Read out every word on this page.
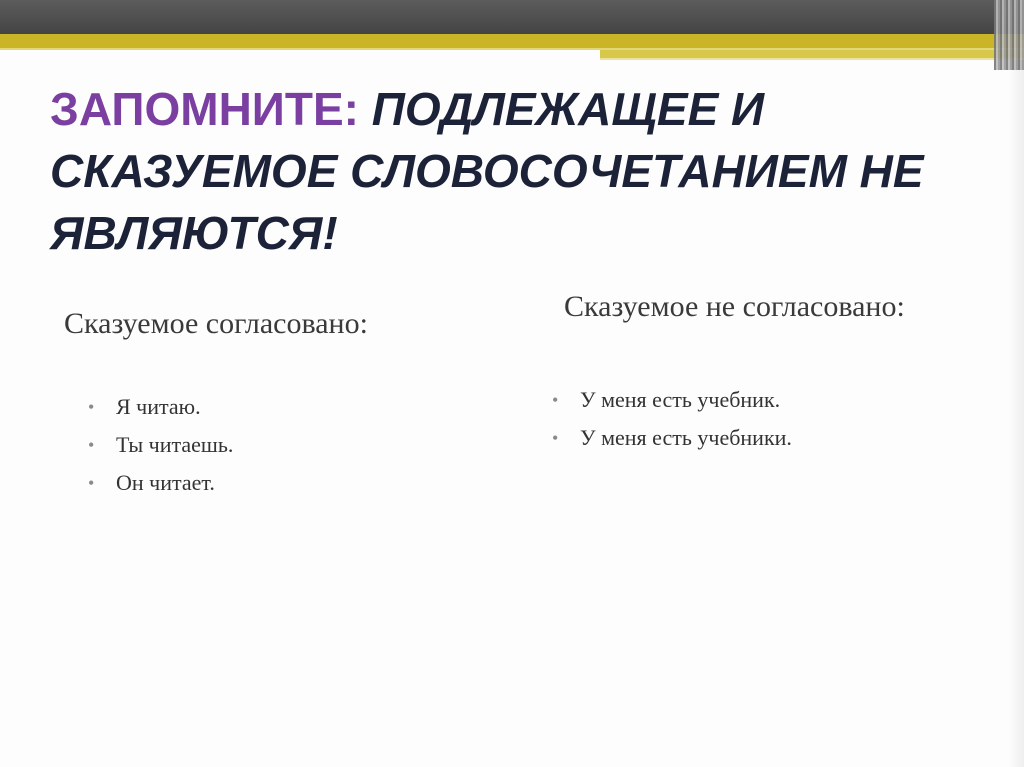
ЗАПОМНИТЕ: ПОДЛЕЖАЩЕЕ И СКАЗУЕМОЕ СЛОВОСОЧЕТАНИЕМ НЕ ЯВЛЯЮТСЯ!

Сказуемое согласовано:

• Я читаю.
• Ты читаешь.
• Он читает.

Сказуемое не согласовано:

• У меня есть учебник.
• У меня есть учебники.
